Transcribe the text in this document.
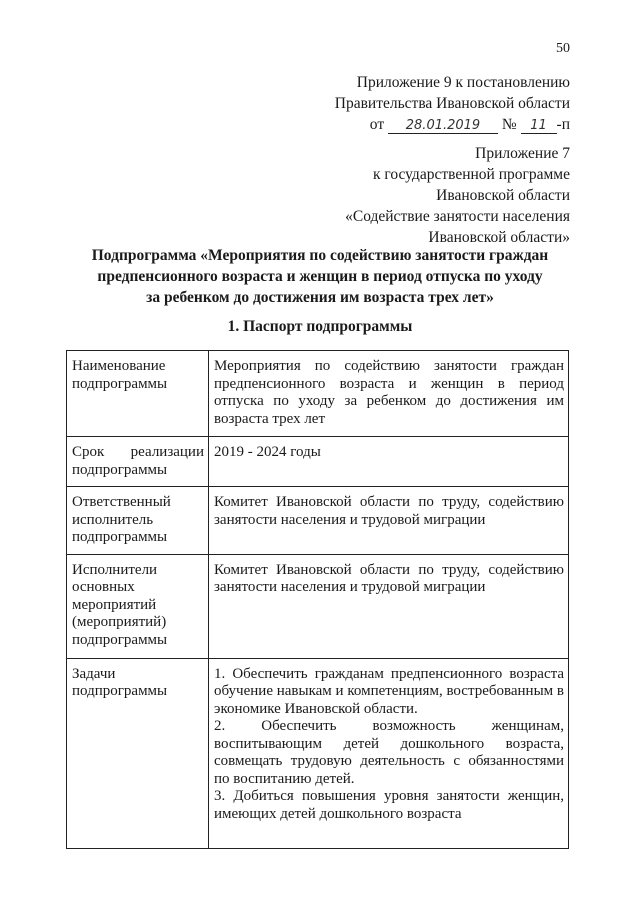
50
Приложение 9 к постановлению
Правительства Ивановской области
от 28.01.2019 № 11 -п
Приложение 7
к государственной программе
Ивановской области
«Содействие занятости населения
Ивановской области»
Подпрограмма «Мероприятия по содействию занятости граждан
предпенсионного возраста и женщин в период отпуска по уходу
за ребенком до достижения им возраста трех лет»
1. Паспорт подпрограммы
Наименование подпрограммы	Мероприятия по содействию занятости граждан предпенсионного возраста и женщин в период отпуска по уходу за ребенком до достижения им возраста трех лет
Срок реализации подпрограммы	2019 - 2024 годы
Ответственный исполнитель подпрограммы	Комитет Ивановской области по труду, содействию занятости населения и трудовой миграции
Исполнители основных мероприятий (мероприятий) подпрограммы	Комитет Ивановской области по труду, содействию занятости населения и трудовой миграции
Задачи подпрограммы	1. Обеспечить гражданам предпенсионного возраста обучение навыкам и компетенциям, востребованным в экономике Ивановской области.
2. Обеспечить возможность женщинам, воспитывающим детей дошкольного возраста, совмещать трудовую деятельность с обязанностями по воспитанию детей.
3. Добиться повышения уровня занятости женщин, имеющих детей дошкольного возраста
